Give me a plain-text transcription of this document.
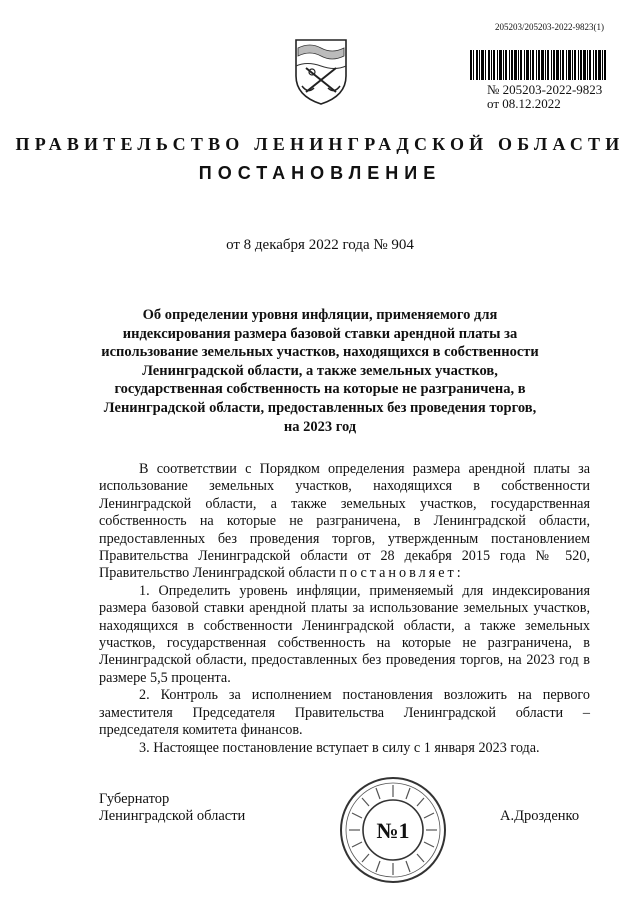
205203/205203-2022-9823(1)
№ 205203-2022-9823
от 08.12.2022
ПРАВИТЕЛЬСТВО ЛЕНИНГРАДСКОЙ ОБЛАСТИ
ПОСТАНОВЛЕНИЕ
от 8 декабря 2022 года № 904
Об определении уровня инфляции, применяемого для индексирования размера базовой ставки арендной платы за использование земельных участков, находящихся в собственности Ленинградской области, а также земельных участков, государственная собственность на которые не разграничена, в Ленинградской области, предоставленных без проведения торгов, на 2023 год

В соответствии с Порядком определения размера арендной платы за использование земельных участков, находящихся в собственности Ленинградской области, а также земельных участков, государственная собственность на которые не разграничена, в Ленинградской области, предоставленных без проведения торгов, утвержденным постановлением Правительства Ленинградской области от 28 декабря 2015 года № 520, Правительство Ленинградской области постановляет:

1. Определить уровень инфляции, применяемый для индексирования размера базовой ставки арендной платы за использование земельных участков, находящихся в собственности Ленинградской области, а также земельных участков, государственная собственность на которые не разграничена, в Ленинградской области, предоставленных без проведения торгов, на 2023 год в размере 5,5 процента.

2. Контроль за исполнением постановления возложить на первого заместителя Председателя Правительства Ленинградской области – председателя комитета финансов.

3. Настоящее постановление вступает в силу с 1 января 2023 года.

Губернатор
Ленинградской области	А.Дрозденко
№1
